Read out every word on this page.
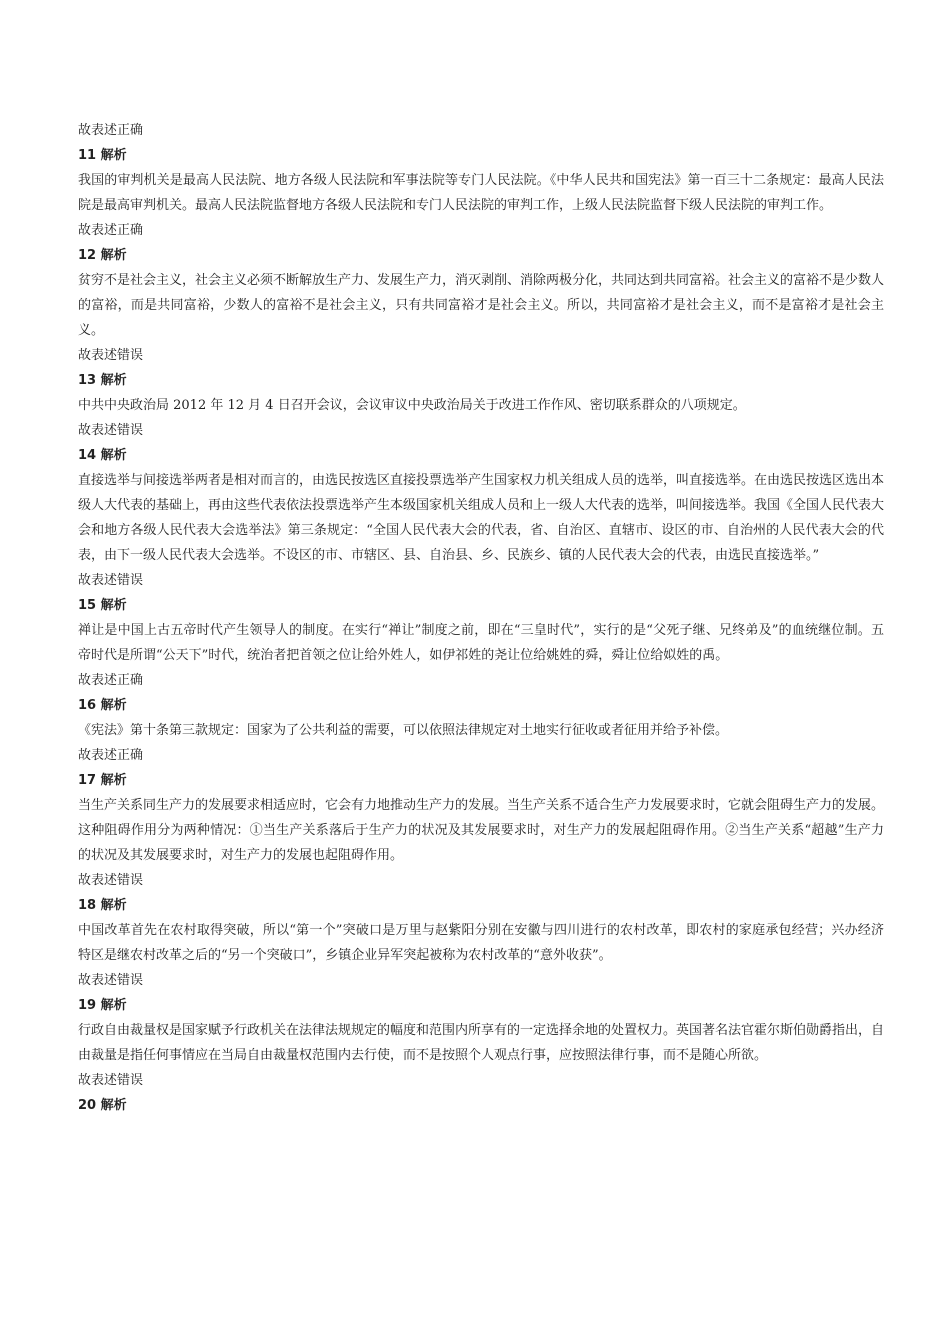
故表述正确

11 解析

我国的审判机关是最高人民法院、地方各级人民法院和军事法院等专门人民法院。《中华人民共和国宪法》第一百三十二条规定：最高人民法院是最高审判机关。最高人民法院监督地方各级人民法院和专门人民法院的审判工作，上级人民法院监督下级人民法院的审判工作。

故表述正确

12 解析

贫穷不是社会主义，社会主义必须不断解放生产力、发展生产力，消灭剥削、消除两极分化，共同达到共同富裕。社会主义的富裕不是少数人的富裕，而是共同富裕，少数人的富裕不是社会主义，只有共同富裕才是社会主义。所以，共同富裕才是社会主义，而不是富裕才是社会主义。

故表述错误

13 解析

中共中央政治局 2012 年 12 月 4 日召开会议，会议审议中央政治局关于改进工作作风、密切联系群众的八项规定。

故表述错误

14 解析

直接选举与间接选举两者是相对而言的，由选民按选区直接投票选举产生国家权力机关组成人员的选举，叫直接选举。在由选民按选区选出本级人大代表的基础上，再由这些代表依法投票选举产生本级国家机关组成人员和上一级人大代表的选举，叫间接选举。我国《全国人民代表大会和地方各级人民代表大会选举法》第三条规定：“全国人民代表大会的代表，省、自治区、直辖市、设区的市、自治州的人民代表大会的代表，由下一级人民代表大会选举。不设区的市、市辖区、县、自治县、乡、民族乡、镇的人民代表大会的代表，由选民直接选举。”

故表述错误

15 解析

禅让是中国上古五帝时代产生领导人的制度。在实行“禅让”制度之前，即在“三皇时代”，实行的是“父死子继、兄终弟及”的血统继位制。五帝时代是所谓“公天下”时代，统治者把首领之位让给外姓人，如伊祁姓的尧让位给姚姓的舜，舜让位给姒姓的禹。

故表述正确

16 解析

《宪法》第十条第三款规定：国家为了公共利益的需要，可以依照法律规定对土地实行征收或者征用并给予补偿。

故表述正确

17 解析

当生产关系同生产力的发展要求相适应时，它会有力地推动生产力的发展。当生产关系不适合生产力发展要求时，它就会阻碍生产力的发展。这种阻碍作用分为两种情况：①当生产关系落后于生产力的状况及其发展要求时，对生产力的发展起阻碍作用。②当生产关系“超越”生产力的状况及其发展要求时，对生产力的发展也起阻碍作用。

故表述错误

18 解析

中国改革首先在农村取得突破，所以“第一个”突破口是万里与赵紫阳分别在安徽与四川进行的农村改革，即农村的家庭承包经营；兴办经济特区是继农村改革之后的“另一个突破口”，乡镇企业异军突起被称为农村改革的“意外收获”。

故表述错误

19 解析

行政自由裁量权是国家赋予行政机关在法律法规规定的幅度和范围内所享有的一定选择余地的处置权力。英国著名法官霍尔斯伯勋爵指出，自由裁量是指任何事情应在当局自由裁量权范围内去行使，而不是按照个人观点行事，应按照法律行事，而不是随心所欲。

故表述错误

20 解析
